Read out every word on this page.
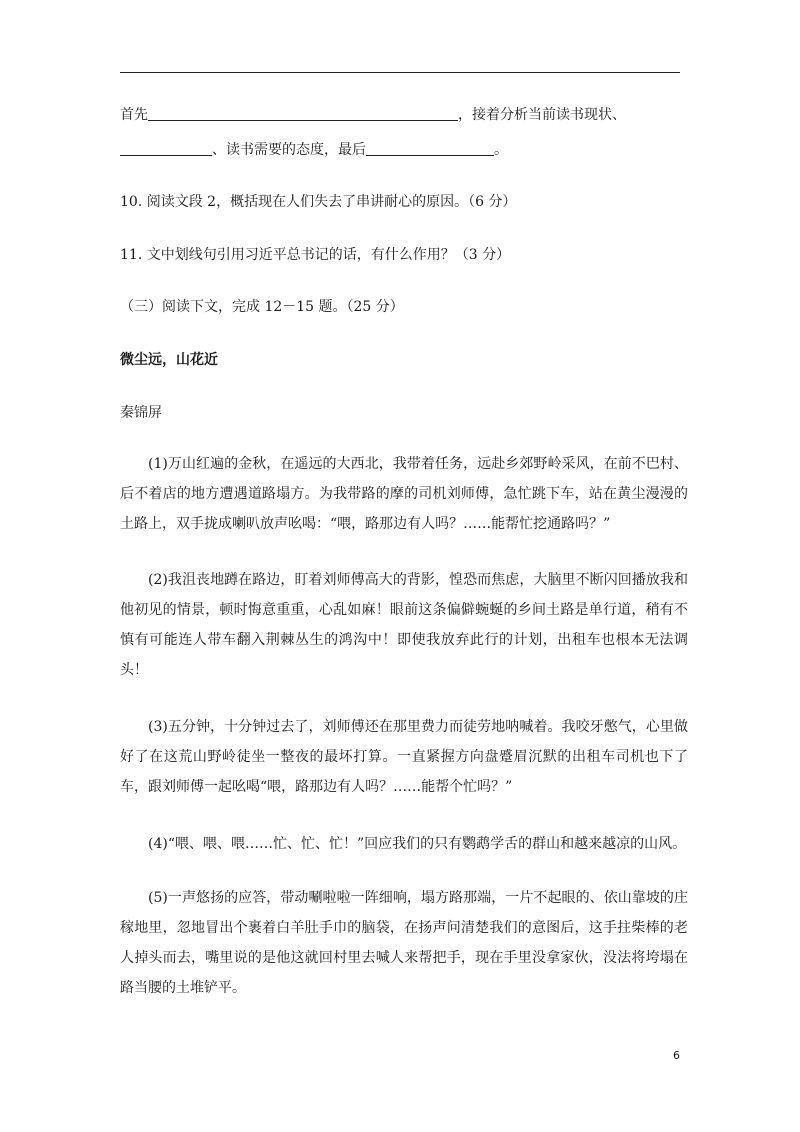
首先	，接着分析当前读书现状、
、读书需要的态度，最后	。
10. 阅读文段 2，概括现在人们失去了串讲耐心的原因。（6 分）
11. 文中划线句引用习近平总书记的话，有什么作用？（3 分）
（三）阅读下文，完成 12－15 题。（25 分）
微尘远，山花近
秦锦屏
(1)万山红遍的金秋，在遥远的大西北，我带着任务，远赴乡郊野岭采风，在前不巴村、后不着店的地方遭遇道路塌方。为我带路的摩的司机刘师傅，急忙跳下车，站在黄尘漫漫的土路上，双手拢成喇叭放声吆喝：“喂，路那边有人吗？……能帮忙挖通路吗？”
(2)我沮丧地蹲在路边，盯着刘师傅高大的背影，惶恐而焦虑，大脑里不断闪回播放我和他初见的情景，顿时悔意重重，心乱如麻！眼前这条偏僻蜿蜒的乡间土路是单行道，稍有不慎有可能连人带车翻入荆棘丛生的鸿沟中！即使我放弃此行的计划，出租车也根本无法调头！
(3)五分钟，十分钟过去了，刘师傅还在那里费力而徒劳地呐喊着。我咬牙憋气，心里做好了在这荒山野岭徒坐一整夜的最坏打算。一直紧握方向盘蹙眉沉默的出租车司机也下了车，跟刘师傅一起吆喝“喂，路那边有人吗？……能帮个忙吗？”
(4)“喂、喂、喂……忙、忙、忙！”回应我们的只有鹦鹉学舌的群山和越来越凉的山风。
(5)一声悠扬的应答，带动唰啦啦一阵细响，塌方路那端，一片不起眼的、依山靠坡的庄稼地里，忽地冒出个裹着白羊肚手巾的脑袋，在扬声问清楚我们的意图后，这手拄柴棒的老人掉头而去，嘴里说的是他这就回村里去喊人来帮把手，现在手里没拿家伙，没法将垮塌在路当腰的土堆铲平。
6
